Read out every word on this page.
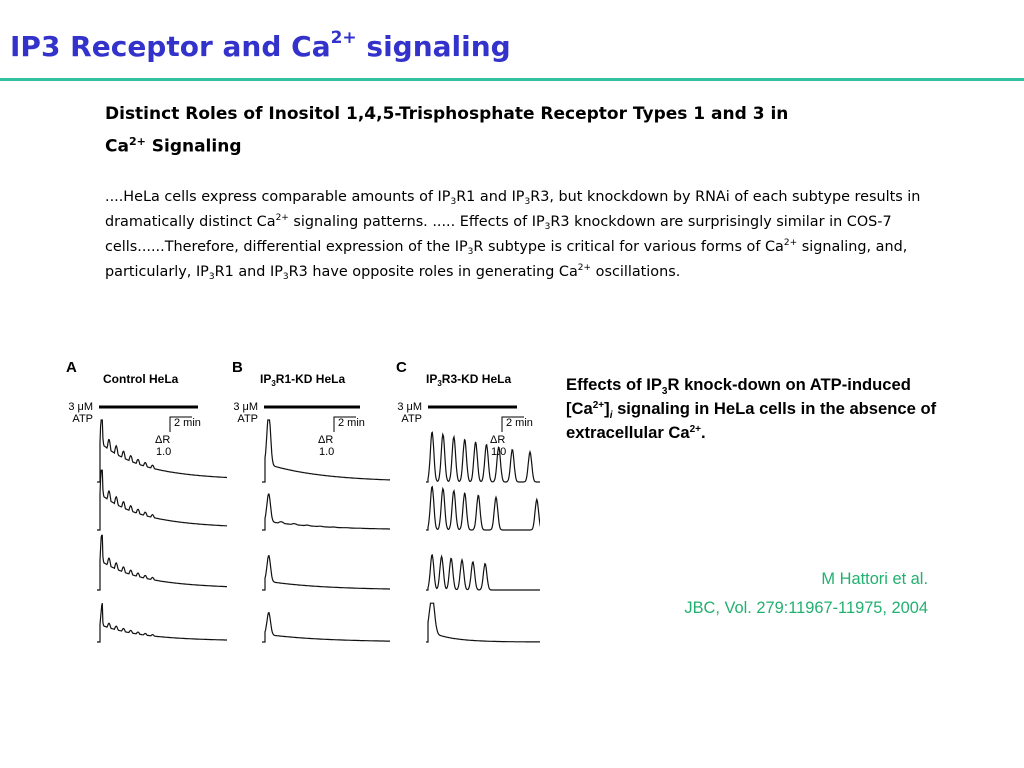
IP3 Receptor and $Ca^{2+}$ signaling
Distinct Roles of Inositol 1,4,5-Trisphosphate Receptor Types 1 and 3 in
$Ca^{2+}$ Signaling
....HeLa cells express comparable amounts of $IP_3R1$ and $IP_3R3$, but knockdown by RNAi of each subtype results in dramatically distinct $Ca^{2+}$ signaling patterns. ..... Effects of $IP_3R3$ knockdown are surprisingly similar in COS-7 cells......Therefore, differential expression of the $IP_3R$ subtype is critical for various forms of $Ca^{2+}$ signaling, and, particularly, $IP_3R1$ and $IP_3R3$ have opposite roles in generating $Ca^{2+}$ oscillations.
A
Control HeLa
3 μM
ATP	2 min
ΔR
1.0
B
$IP_3R1-KD$ HeLa
3 μM
ATP	2 min
ΔR
1.0
C
$IP_3R3-KD$ HeLa
3 μM
ATP	2 min
ΔR
1.0
Effects of $IP_3R$ knock-down on ATP-induced $[Ca^{2+}]_i$ signaling in HeLa cells in the absence of extracellular $Ca^{2+}$.
M Hattori et al.
JBC, Vol. 279:11967-11975, 2004
